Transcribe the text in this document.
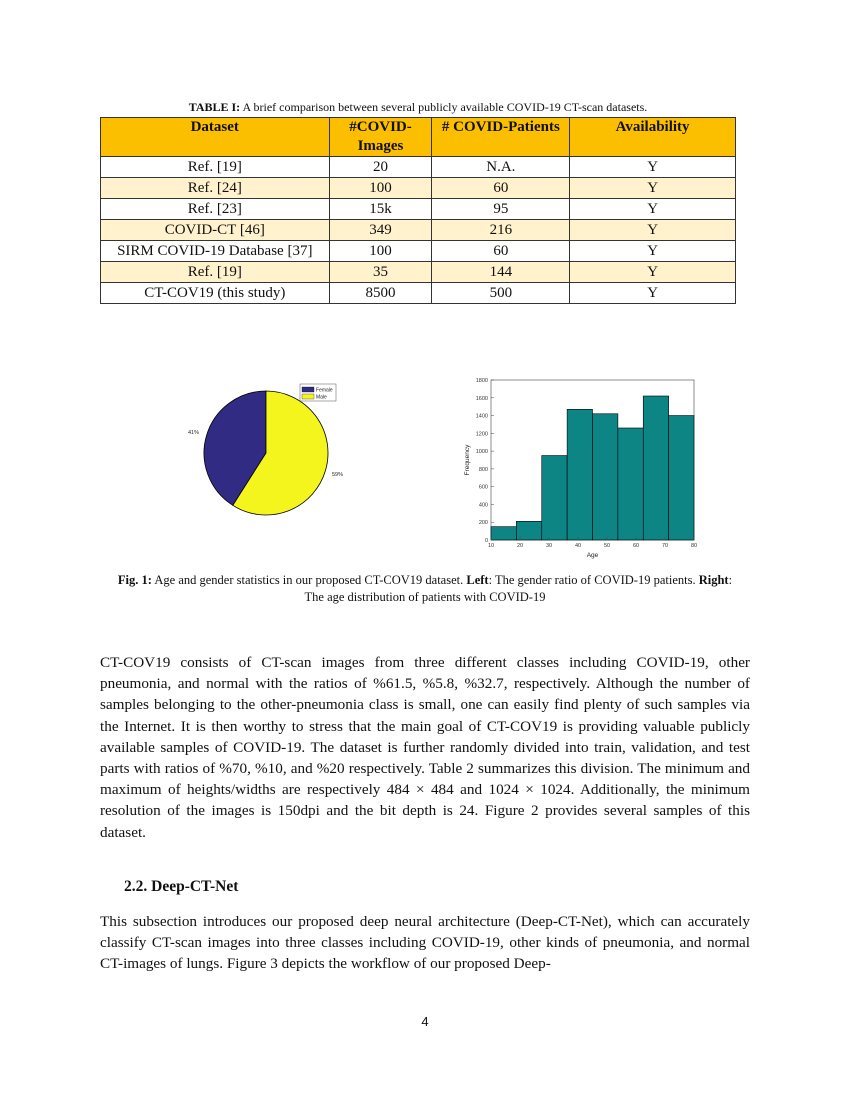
TABLE I: A brief comparison between several publicly available COVID-19 CT-scan datasets.
Dataset	#COVID-Images	# COVID-Patients	Availability
Ref. [19]	20	N.A.	Y
Ref. [24]	100	60	Y
Ref. [23]	15k	95	Y
COVID-CT [46]	349	216	Y
SIRM COVID-19 Database [37]	100	60	Y
Ref. [19]	35	144	Y
CT-COV19 (this study)	8500	500	Y
41%
59%
Female
Male
0
200
400
600
800
1000
1200
1400
1600
1800
10	20	30	40	50	60	70	80
Age
Frequency
Fig. 1: Age and gender statistics in our proposed CT-COV19 dataset. Left: The gender ratio of COVID-19 patients. Right: The age distribution of patients with COVID-19
CT-COV19 consists of CT-scan images from three different classes including COVID-19, other pneumonia, and normal with the ratios of %61.5, %5.8, %32.7, respectively. Although the number of samples belonging to the other-pneumonia class is small, one can easily find plenty of such samples via the Internet. It is then worthy to stress that the main goal of CT-COV19 is providing valuable publicly available samples of COVID-19. The dataset is further randomly divided into train, validation, and test parts with ratios of %70, %10, and %20 respectively. Table 2 summarizes this division. The minimum and maximum of heights/widths are respectively 484 × 484 and 1024 × 1024. Additionally, the minimum resolution of the images is 150dpi and the bit depth is 24. Figure 2 provides several samples of this dataset.
2.2. Deep-CT-Net
This subsection introduces our proposed deep neural architecture (Deep-CT-Net), which can accurately classify CT-scan images into three classes including COVID-19, other kinds of pneumonia, and normal CT-images of lungs. Figure 3 depicts the workflow of our proposed Deep-
4
